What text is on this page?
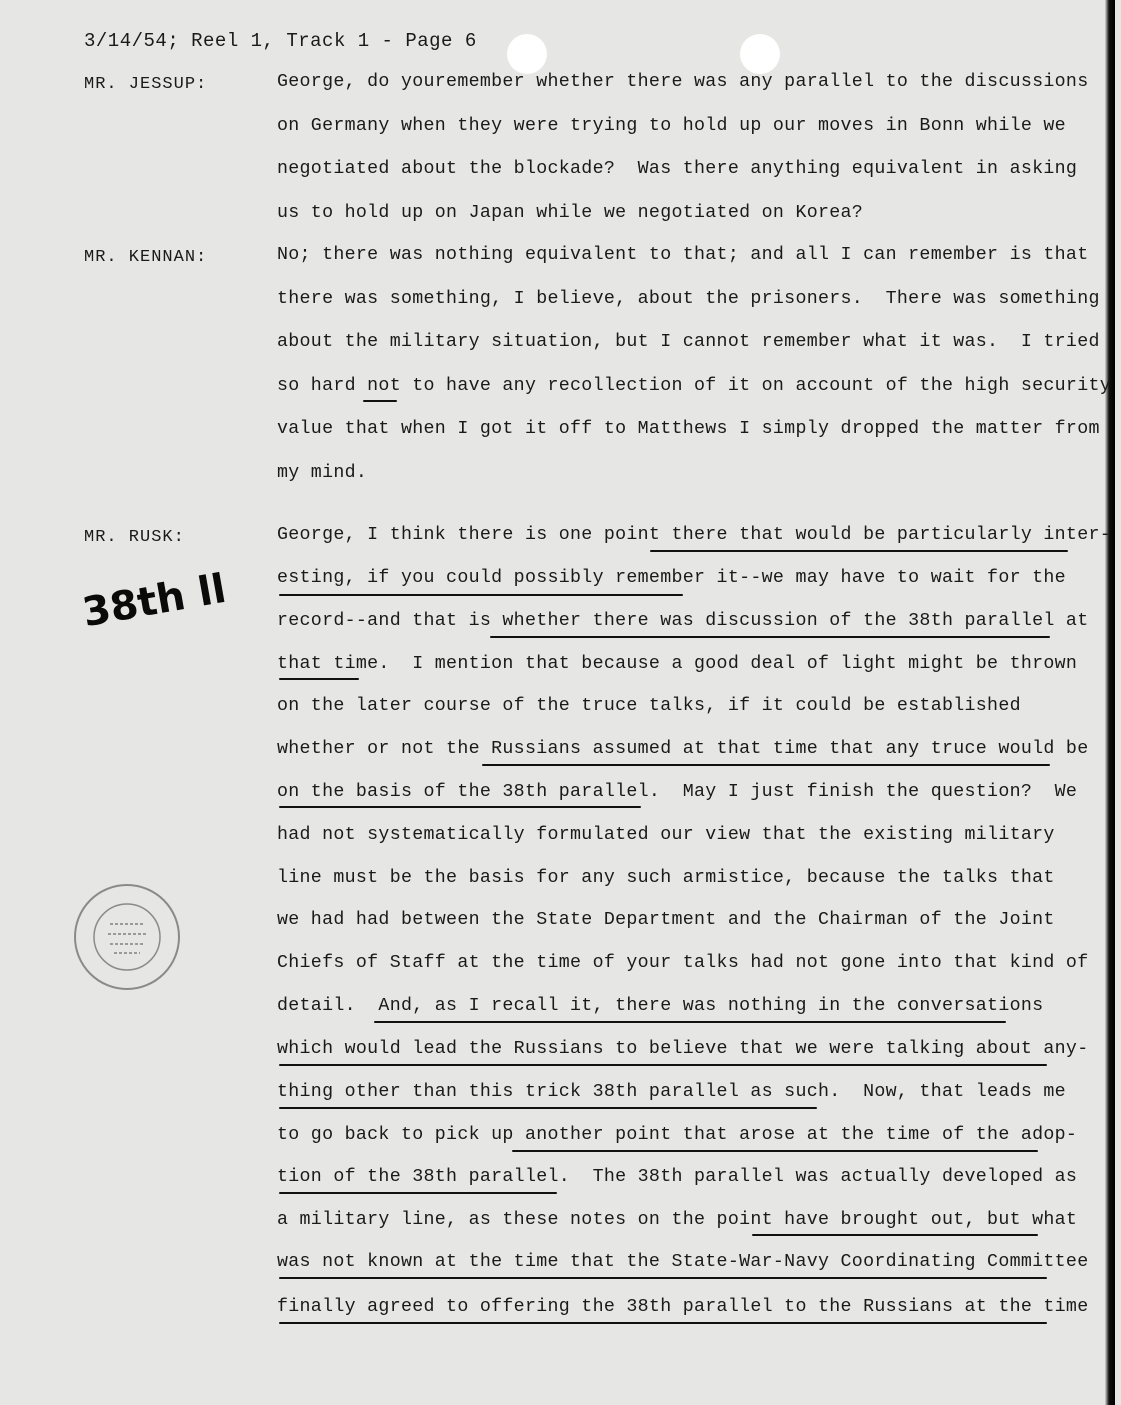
3/14/54; Reel 1, Track 1 - Page 6
MR. JESSUP:	George, do youremember whether there was any parallel to the discussions
on Germany when they were trying to hold up our moves in Bonn while we
negotiated about the blockade?  Was there anything equivalent in asking
us to hold up on Japan while we negotiated on Korea?
MR. KENNAN:	No; there was nothing equivalent to that; and all I can remember is that
there was something, I believe, about the prisoners.  There was something
about the military situation, but I cannot remember what it was.  I tried
so hard not to have any recollection of it on account of the high security
value that when I got it off to Matthews I simply dropped the matter from
my mind.
MR. RUSK:	George, I think there is one point there that would be particularly inter-
esting, if you could possibly remember it--we may have to wait for the
record--and that is whether there was discussion of the 38th parallel at
that time.  I mention that because a good deal of light might be thrown
on the later course of the truce talks, if it could be established
whether or not the Russians assumed at that time that any truce would be
on the basis of the 38th parallel.  May I just finish the question?  We
had not systematically formulated our view that the existing military
line must be the basis for any such armistice, because the talks that
we had had between the State Department and the Chairman of the Joint
Chiefs of Staff at the time of your talks had not gone into that kind of
detail.  And, as I recall it, there was nothing in the conversations
which would lead the Russians to believe that we were talking about any-
thing other than this trick 38th parallel as such.  Now, that leads me
to go back to pick up another point that arose at the time of the adop-
tion of the 38th parallel.  The 38th parallel was actually developed as
a military line, as these notes on the point have brought out, but what
was not known at the time that the State-War-Navy Coordinating Committee
finally agreed to offering the 38th parallel to the Russians at the time
38th ll
